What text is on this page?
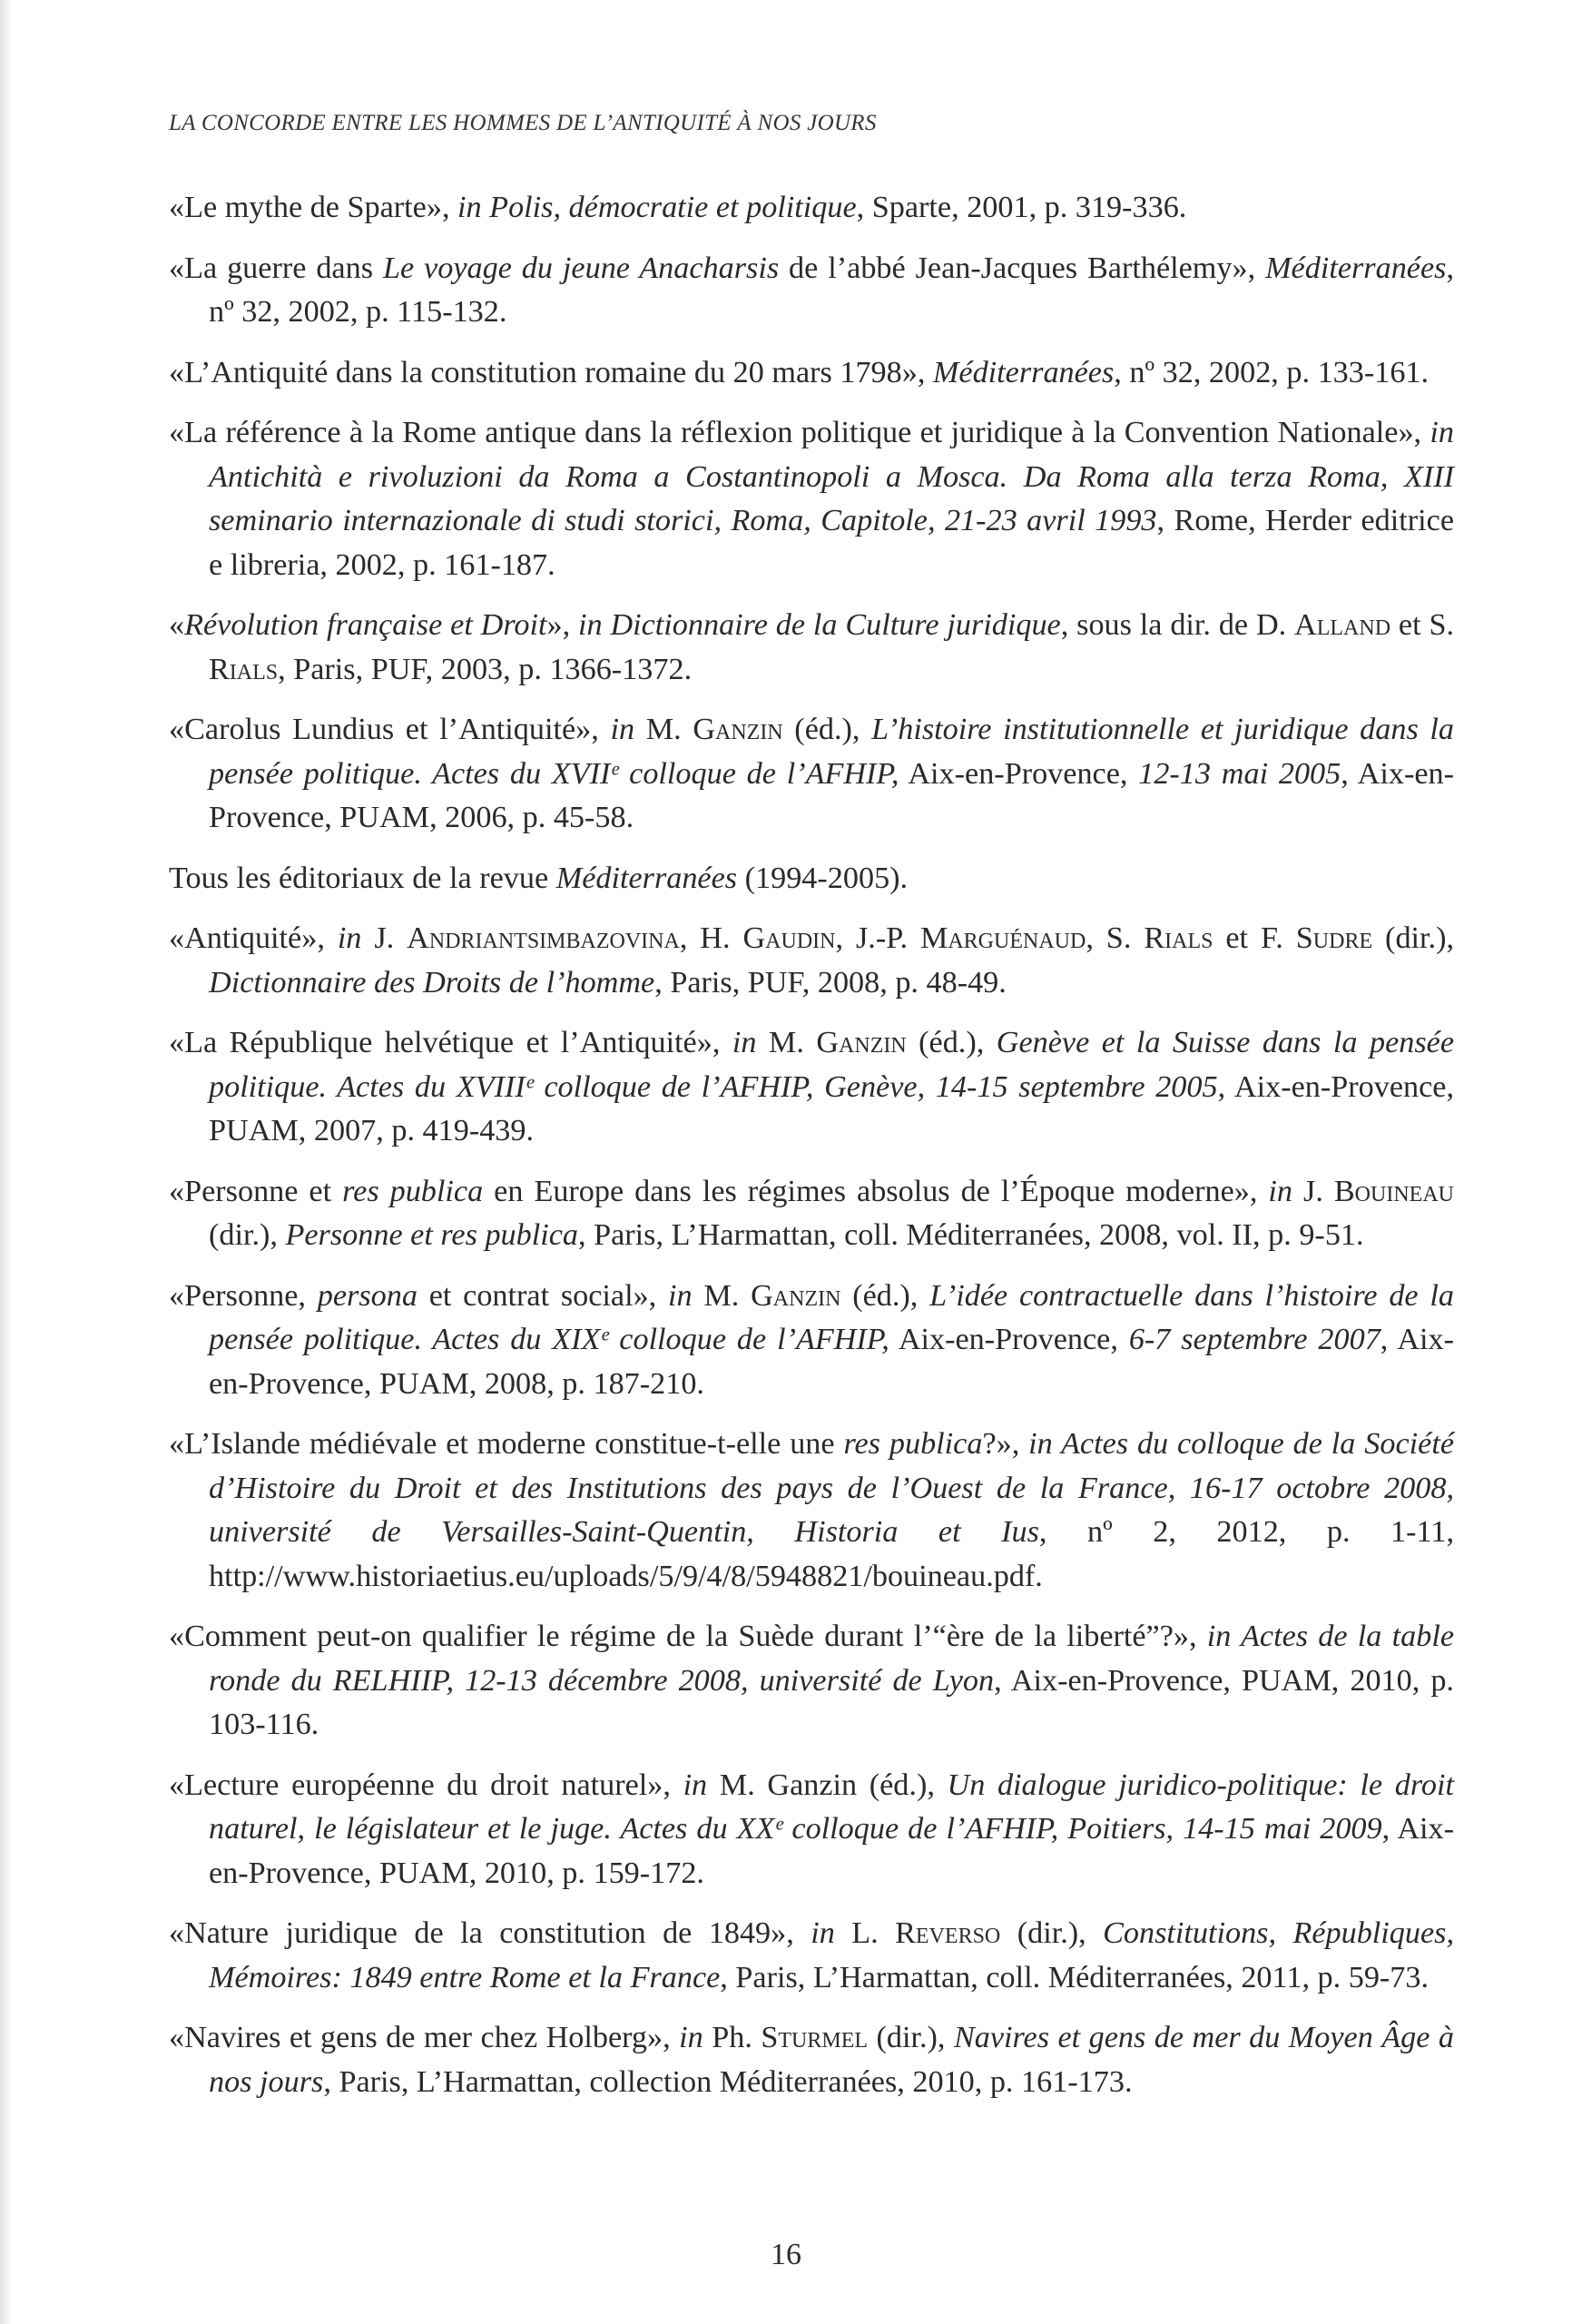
LA CONCORDE ENTRE LES HOMMES DE L’ANTIQUITÉ À NOS JOURS

«Le mythe de Sparte», in Polis, démocratie et politique, Sparte, 2001, p. 319-336.

«La guerre dans Le voyage du jeune Anacharsis de l’abbé Jean-Jacques Barthélemy», Méditerranées, nº 32, 2002, p. 115-132.

«L’Antiquité dans la constitution romaine du 20 mars 1798», Méditerranées, nº 32, 2002, p. 133-161.

«La référence à la Rome antique dans la réflexion politique et juridique à la Convention Nationale», in Antichità e rivoluzioni da Roma a Costantinopoli a Mosca. Da Roma alla terza Roma, XIII seminario internazionale di studi storici, Roma, Capitole, 21-23 avril 1993, Rome, Herder editrice e libreria, 2002, p. 161-187.

«Révolution française et Droit», in Dictionnaire de la Culture juridique, sous la dir. de D. Alland et S. Rials, Paris, PUF, 2003, p. 1366-1372.

«Carolus Lundius et l’Antiquité», in M. Ganzin (éd.), L’histoire institutionnelle et juridique dans la pensée politique. Actes du XVIIᵉ colloque de l’AFHIP, Aix-en-Provence, 12-13 mai 2005, Aix-en-Provence, PUAM, 2006, p. 45-58.

Tous les éditoriaux de la revue Méditerranées (1994-2005).

«Antiquité», in J. Andriantsimbazovina, H. Gaudin, J.-P. Marguénaud, S. Rials et F. Sudre (dir.), Dictionnaire des Droits de l’homme, Paris, PUF, 2008, p. 48-49.

«La République helvétique et l’Antiquité», in M. Ganzin (éd.), Genève et la Suisse dans la pensée politique. Actes du XVIIIᵉ colloque de l’AFHIP, Genève, 14-15 septembre 2005, Aix-en-Provence, PUAM, 2007, p. 419-439.

«Personne et res publica en Europe dans les régimes absolus de l’Époque moderne», in J. Bouineau (dir.), Personne et res publica, Paris, L’Harmattan, coll. Méditerranées, 2008, vol. II, p. 9-51.

«Personne, persona et contrat social», in M. Ganzin (éd.), L’idée contractuelle dans l’histoire de la pensée politique. Actes du XIXᵉ colloque de l’AFHIP, Aix-en-Provence, 6-7 septembre 2007, Aix-en-Provence, PUAM, 2008, p. 187-210.

«L’Islande médiévale et moderne constitue-t-elle une res publica?», in Actes du colloque de la Société d’Histoire du Droit et des Institutions des pays de l’Ouest de la France, 16-17 octobre 2008, université de Versailles-Saint-Quentin, Historia et Ius, nº 2, 2012, p. 1-11, http://www.historiaetius.eu/uploads/5/9/4/8/5948821/bouineau.pdf.

«Comment peut-on qualifier le régime de la Suède durant l’“ère de la liberté”?», in Actes de la table ronde du RELHIIP, 12-13 décembre 2008, université de Lyon, Aix-en-Provence, PUAM, 2010, p. 103-116.

«Lecture européenne du droit naturel», in M. Ganzin (éd.), Un dialogue juridico-politique: le droit naturel, le législateur et le juge. Actes du XXᵉ colloque de l’AFHIP, Poitiers, 14-15 mai 2009, Aix-en-Provence, PUAM, 2010, p. 159-172.

«Nature juridique de la constitution de 1849», in L. Reverso (dir.), Constitutions, Républiques, Mémoires: 1849 entre Rome et la France, Paris, L’Harmattan, coll. Méditerranées, 2011, p. 59-73.

«Navires et gens de mer chez Holberg», in Ph. Sturmel (dir.), Navires et gens de mer du Moyen Âge à nos jours, Paris, L’Harmattan, collection Méditerranées, 2010, p. 161-173.

16
